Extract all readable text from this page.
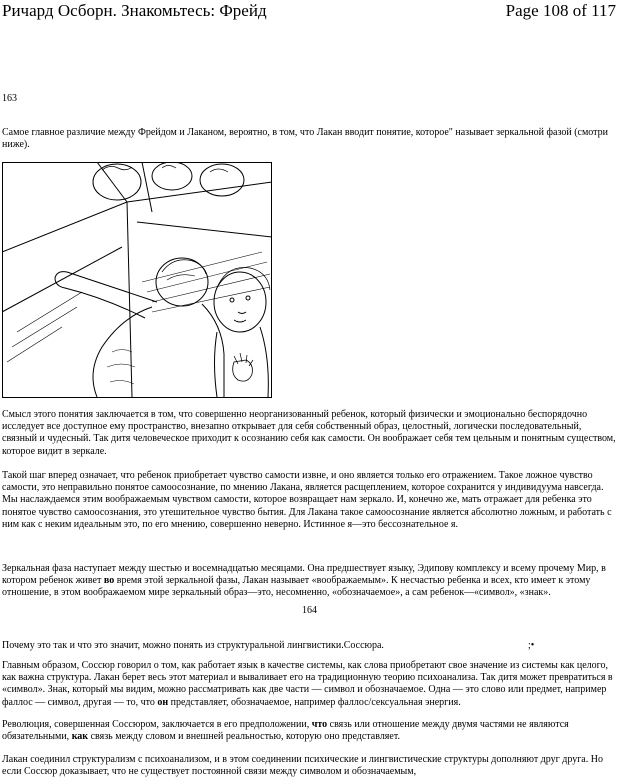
Ричард Осборн. Знакомьтесь: Фрейд	Page 108 of 117
163
Самое главное различие между Фрейдом и Лаканом, вероятно, в том, что Лакан вводит понятие, которое" называет зеркальной фазой (смотри ниже).
Смысл этого понятия заключается в том, что совершенно неорганизованный ребенок, который физически и эмоционально беспорядочно исследует все доступное ему пространство, внезапно открывает для себя собственный образ, целостный, логически последовательный, связный и чудесный. Так дитя человеческое приходит к осознанию себя как самости. Он воображает себя тем цельным и понятным существом, которое видит в зеркале.
Такой шаг вперед означает, что ребенок приобретает чувство самости извне, и оно является только его отражением. Такое ложное чувство самости, это неправильно понятое самоосознание, по мнению Лакана, является расщеплением, которое сохранится у индивидуума навсегда. Мы наслаждаемся этим воображаемым чувством самости, которое возвращает нам зеркало. И, конечно же, мать отражает для ребенка это понятое чувство самоосознания, это утешительное чувство бытия. Для Лакана такое самоосознание является абсолютно ложным, и работать с ним как с неким идеальным это, по его мнению, совершенно неверно. Истинное я—это бессознательное я.
Зеркальная фаза наступает между шестью и восемнадцатью месяцами. Она предшествует языку, Эдипову комплексу и всему прочему Мир, в котором ребенок живет во время этой зеркальной фазы, Лакан называет «воображаемым». К несчастью ребенка и всех, кто имеет к этому отношение, в этом воображаемом мире зеркальный образ—это, несомненно, «обозначаемое», а сам ребенок—«символ», «знак».
164
Почему это так и что это значит, можно понять из структуральной лингвистики.Соссюра.	;•
Главным образом, Соссюр говорил о том, как работает язык в качестве системы, как слова приобретают свое значение из системы как целого, как важна структура. Лакан берет весь этот материал и вываливает его на традиционную теорию психоанализа. Так дитя может превратиться в «символ». Знак, который мы видим, можно рассматривать как две части — символ и обозначаемое. Одна — это слово или предмет, например фаллос — символ, другая — то, что он представляет, обозначаемое, например фаллос/сексуальная энергия.
Революция, совершенная Соссюром, заключается в его предположении, что связь или отношение между двумя частями не являются обязательными, как связь между словом и внешней реальностью, которую оно представляет.
Лакан соединил структурализм с психоанализом, и в этом соединении психические и лингвистические структуры дополняют друг друга. Но если Соссюр доказывает, что не существует постоянной связи между символом и обозначаемым,
